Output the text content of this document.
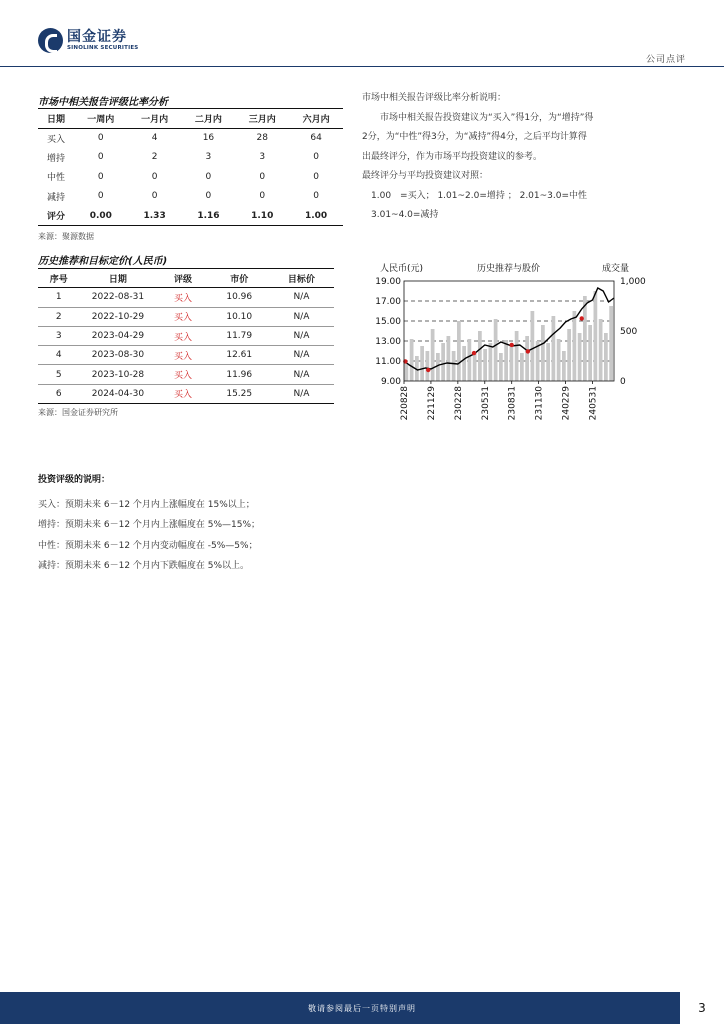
国金证券
SINOLINK SECURITIES
公司点评
市场中相关报告评级比率分析
日期	一周内	一月内	二月内	三月内	六月内
买入	0	4	16	28	64
增持	0	2	3	3	0
中性	0	0	0	0	0
减持	0	0	0	0	0
评分	0.00	1.33	1.16	1.10	1.00
来源：聚源数据

市场中相关报告评级比率分析说明：

　　市场中相关报告投资建议为“买入”得1分，为“增持”得

2分，为“中性”得3分，为“减持”得4分，之后平均计算得

出最终评分，作为市场平均投资建议的参考。

最终评分与平均投资建议对照：

　1.00　=买入； 1.01~2.0=增持 ； 2.01~3.0=中性

　3.01~4.0=减持

历史推荐和目标定价(人民币)
序号	日期	评级	市价	目标价
1	2022-08-31	买入	10.96	N/A
2	2022-10-29	买入	10.10	N/A
3	2023-04-29	买入	11.79	N/A
4	2023-08-30	买入	12.61	N/A
5	2023-10-28	买入	11.96	N/A
6	2024-04-30	买入	15.25	N/A
来源：国金证券研究所
人民币(元)	历史推荐与股价	成交量
19.00
17.00
15.00
13.00
11.00
9.00
1,000
500
0
220828 221129 230228 230531 230831 231130 240229 240531
投资评级的说明：
买入：预期未来 6－12 个月内上涨幅度在 15%以上；
增持：预期未来 6－12 个月内上涨幅度在 5%—15%；
中性：预期未来 6－12 个月内变动幅度在 -5%—5%；
减持：预期未来 6－12 个月内下跌幅度在 5%以上。
敬请参阅最后一页特别声明	3
